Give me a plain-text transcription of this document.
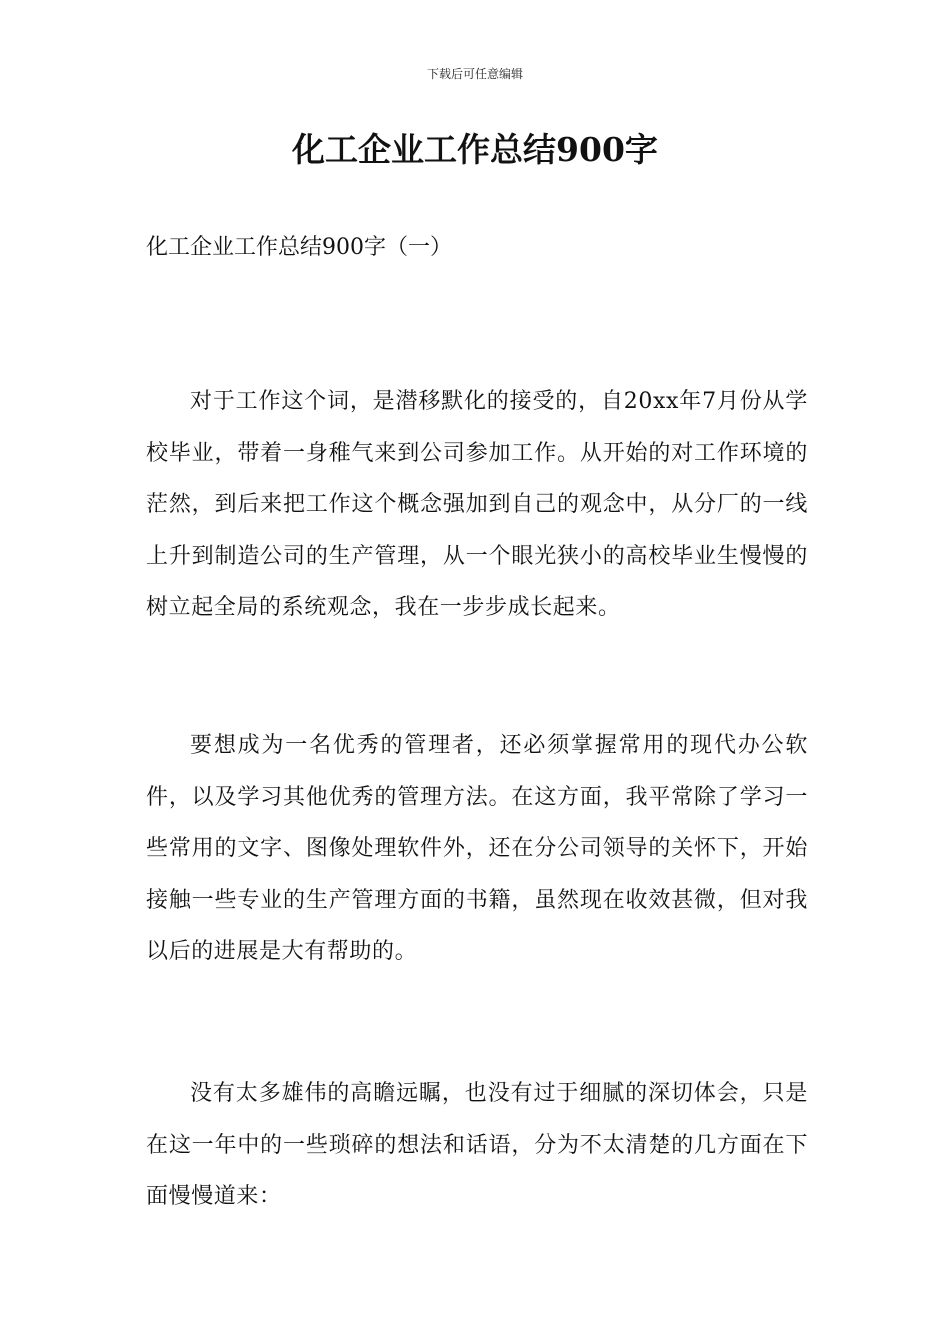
下载后可任意编辑
化工企业工作总结900字

化工企业工作总结900字（一）

对于工作这个词，是潜移默化的接受的，自20xx年7月份从学校毕业，带着一身稚气来到公司参加工作。从开始的对工作环境的茫然，到后来把工作这个概念强加到自己的观念中，从分厂的一线上升到制造公司的生产管理，从一个眼光狭小的高校毕业生慢慢的树立起全局的系统观念，我在一步步成长起来。

要想成为一名优秀的管理者，还必须掌握常用的现代办公软件，以及学习其他优秀的管理方法。在这方面，我平常除了学习一些常用的文字、图像处理软件外，还在分公司领导的关怀下，开始接触一些专业的生产管理方面的书籍，虽然现在收效甚微，但对我以后的进展是大有帮助的。

没有太多雄伟的高瞻远瞩，也没有过于细腻的深切体会，只是在这一年中的一些琐碎的想法和话语，分为不太清楚的几方面在下面慢慢道来：
